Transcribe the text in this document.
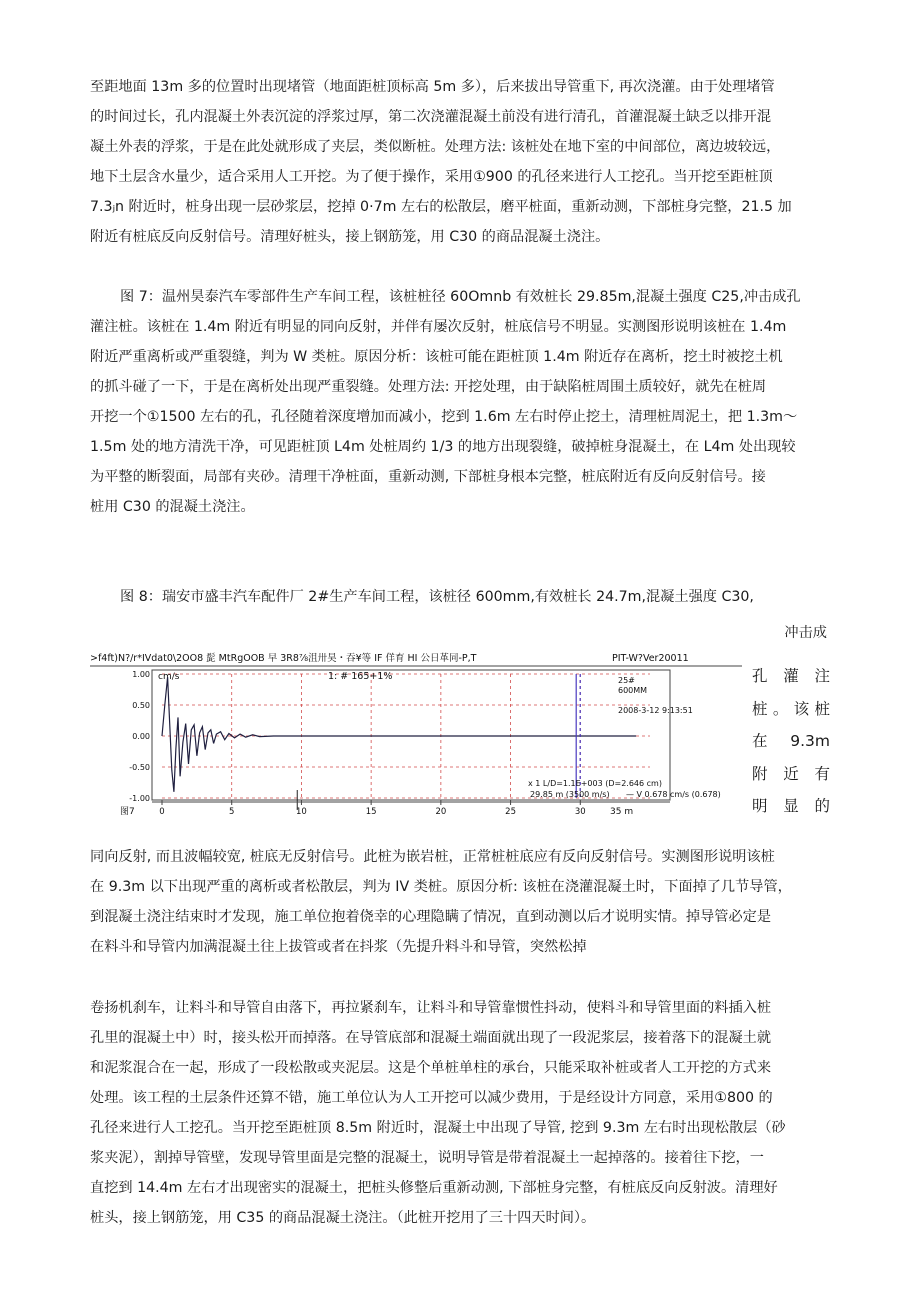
至距地面 13m 多的位置时出现堵管（地面距桩顶标高 5m 多），后来拔出导管重下, 再次浇灌。由于处理堵管
的时间过长，孔内混凝土外表沉淀的浮浆过厚，第二次浇灌混凝土前没有进行清孔，首灌混凝土缺乏以排开混
凝土外表的浮浆，于是在此处就形成了夹层，类似断桩。处理方法: 该桩处在地下室的中间部位，离边坡较远，
地下土层含水量少，适合采用人工开挖。为了便于操作，采用①900 的孔径来进行人工挖孔。当开挖至距桩顶
7.3ⱼn 附近时，桩身出现一层砂浆层，挖掉 0·7m 左右的松散层，磨平桩面，重新动测，下部桩身完整，21.5 加
附近有桩底反向反射信号。清理好桩头，接上钢筋笼，用 C30 的商品混凝土浇注。
图 7：温州昊泰汽车零部件生产车间工程，该桩桩径 60Omnb 有效桩长 29.85m,混凝土强度 C25,冲击成孔
灌注桩。该桩在 1.4m 附近有明显的同向反射，并伴有屡次反射，桩底信号不明显。实测图形说明该桩在 1.4m
附近严重离析或严重裂缝，判为 W 类桩。原因分析：该桩可能在距桩顶 1.4m 附近存在离析，挖土时被挖土机
的抓斗碰了一下，于是在离析处出现严重裂缝。处理方法: 开挖处理，由于缺陷桩周围土质较好，就先在桩周
开挖一个①1500 左右的孔，孔径随着深度增加而减小，挖到 1.6m 左右时停止挖土，清理桩周泥土，把 1.3m～
1.5m 处的地方清洗干净，可见距桩顶 L4m 处桩周约 1/3 的地方出现裂缝，破掉桩身混凝土，在 L4m 处出现较
为平整的断裂面，局部有夹砂。清理干净桩面，重新动测, 下部桩身根本完整，桩底附近有反向反射信号。接
桩用 C30 的混凝土浇注。
图 8：瑞安市盛丰汽车配件厂 2#生产车间工程，该桩径 600mm,有效桩长 24.7m,混凝土强度 C30,
冲击成
>f4ft)N?/r*IVdat0\2OO8 髭 MtRgOOB 早 3R8⅞沮卅昊・吞¥等 IF 佯育 HI 公日革同-P,T	PIT-W?Ver20011
1.00
0.50
0.00
-0.50
-1.00
0	5	10	15	20	25	30
cm/s	1: # 165+1%	25#
600MM
2008-3-12 9:13:51
x 1 L/D=1.1E+003 (D=2.646 cm)
29.85 m (3500 m/s) — V 0.678 cm/s (0.678)
图7	35 m
孔灌注
桩。该桩
在 9.3m
附近有
明显的
同向反射, 而且波幅较宽, 桩底无反射信号。此桩为嵌岩桩，正常桩桩底应有反向反射信号。实测图形说明该桩
在 9.3m 以下出现严重的离析或者松散层，判为 IV 类桩。原因分析: 该桩在浇灌混凝土时，下面掉了几节导管，
到混凝土浇注结束时才发现，施工单位抱着侥幸的心理隐瞒了情况，直到动测以后才说明实情。掉导管必定是
在料斗和导管内加满混凝土往上拔管或者在抖浆（先提升料斗和导管，突然松掉
卷扬机刹车，让料斗和导管自由落下，再拉紧刹车，让料斗和导管靠惯性抖动，使料斗和导管里面的料插入桩
孔里的混凝土中）时，接头松开而掉落。在导管底部和混凝土端面就出现了一段泥浆层，接着落下的混凝土就
和泥浆混合在一起，形成了一段松散或夹泥层。这是个单桩单柱的承台，只能采取补桩或者人工开挖的方式来
处理。该工程的土层条件还算不错，施工单位认为人工开挖可以减少费用，于是经设计方同意，采用①800 的
孔径来进行人工挖孔。当开挖至距桩顶 8.5m 附近时，混凝土中出现了导管, 挖到 9.3m 左右时出现松散层（砂
浆夹泥），割掉导管壁，发现导管里面是完整的混凝土，说明导管是带着混凝土一起掉落的。接着往下挖，一
直挖到 14.4m 左右才出现密实的混凝土，把桩头修整后重新动测, 下部桩身完整，有桩底反向反射波。清理好
桩头，接上钢筋笼，用 C35 的商品混凝土浇注。（此桩开挖用了三十四天时间）。
